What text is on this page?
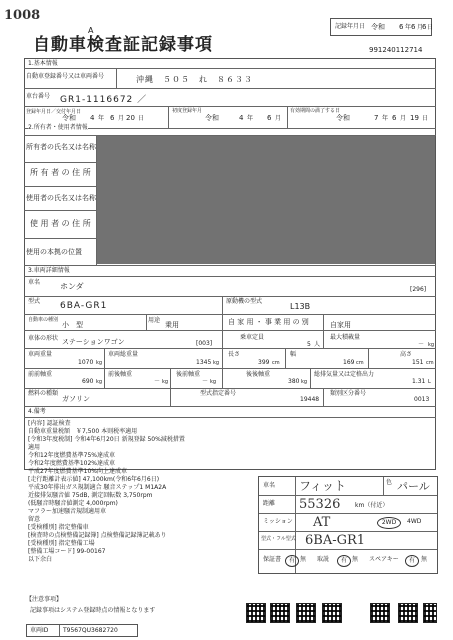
1008
A
自動車検査証記録事項
記録年月日 令和 6 年 6 月
6 日
991240112714
1.基本情報
自動車登録番号又は車両番号	沖縄　５０５　れ　８６３３
車台番号 GR1-1116672 ／
登録年月日／交付年月日
令和 4 年 6 月 20 日
初度登録年月
令和	4 年 6 月
有効期間の満了する日
令和	7 年 6 月 19 日
2.所有者・使用者情報
所有者の氏名又は名称
所 有 者 の 住 所
使用者の氏名又は名称
使 用 者 の 住 所
使用の本拠の位置
3.車両詳細情報
車名 ホンダ	[296]
型式 6BA-GR1	原動機の型式
L13B
自動車の種別
小　型
用途
乗用	自 家 用 ・ 事 業 用 の 別	自家用
車体の形状 ステーションワゴン	[003]
乗車定員
5 人
最大積載量
－ kg
車両重量
1070 kg
車両総重量
1345 kg
長さ
399 cm
幅
169 cm
高さ
151 cm
前前軸重
690 kg
前後軸重
－ kg
後前軸重
－ kg
後後軸重
380 kg
総排気量又は定格出力
1.31 L
燃料の種類
ガソリン
型式指定番号
19448
類別区分番号
0013
4.備考
[内容] 認証検査
自動車重量税額　￥7,500 本則税率適用
[令和3年度税制] 令和4年6月20日 新規登録 50%減税措置
適用
令和12年度燃費基準75%達成車
令和2年度燃費基準102%達成車
平成27年度燃費基準10%向上達成車
[走行距離計表示値] 47,100km(令和6年6月6日)
平成30年排出ガス規制適合 騒音ステップ1 M1A2A
近接排気騒音値 75dB, 測定回転数 3,750rpm
(低騒音時騒音値測定 4,000rpm)
マフラー加速騒音規制適用車
留意
[受検種別] 指定整備車
[検査時の点検整備記録簿] 点検整備記録簿記載あり
[受検種別] 指定整備工場
[整備工場コード] 99-00167
以下余白
車名 フィット	色 パール
距離 55326 km（付近）
ミッション AT	2WD	4WD
型式・フル型式 6BA-GR1
保証書	有 無 取説	有 無 スペアキー	有	無
【注意事項】
記録事項はシステム登録時点の情報となります
車両ID T9567QU3682720
